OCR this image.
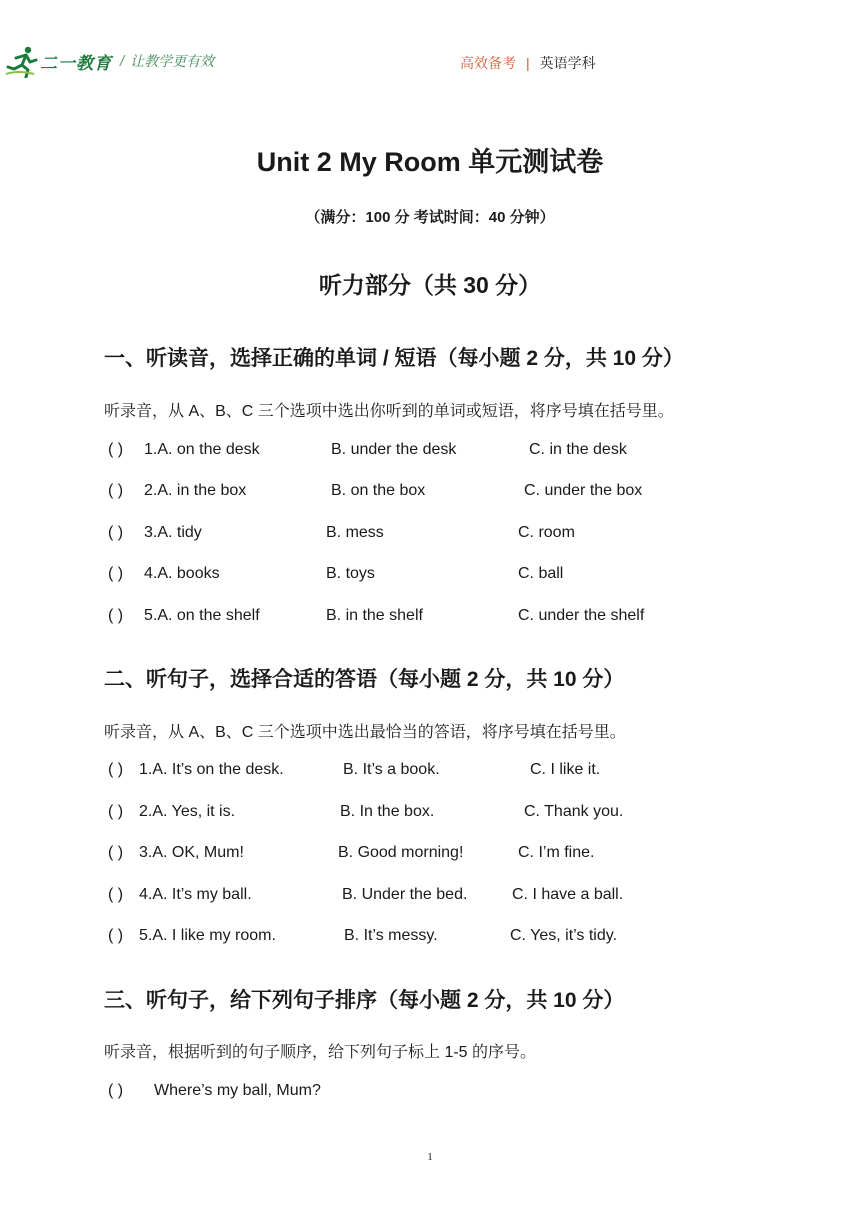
二一教育 / 让教学更有效	高效备考 | 英语学科
Unit 2 My Room 单元测试卷
（满分：100 分 考试时间：40 分钟）
听力部分（共 30 分）
一、听读音，选择正确的单词 / 短语（每小题 2 分，共 10 分）
听录音，从 A、B、C 三个选项中选出你听到的单词或短语，将序号填在括号里。
( ) 1.A. on the desk	B. under the desk	C. in the desk
( ) 2.A. in the box	B. on the box	C. under the box
( ) 3.A. tidy	B. mess	C. room
( ) 4.A. books	B. toys	C. ball
( ) 5.A. on the shelf	B. in the shelf	C. under the shelf
二、听句子，选择合适的答语（每小题 2 分，共 10 分）
听录音，从 A、B、C 三个选项中选出最恰当的答语，将序号填在括号里。
( ) 1.A. It’s on the desk.	B. It’s a book.	C. I like it.
( ) 2.A. Yes, it is.	B. In the box.	C. Thank you.
( ) 3.A. OK, Mum!	B. Good morning!	C. I’m fine.
( ) 4.A. It’s my ball.	B. Under the bed.	C. I have a ball.
( ) 5.A. I like my room.	B. It’s messy.	C. Yes, it’s tidy.
三、听句子，给下列句子排序（每小题 2 分，共 10 分）
听录音，根据听到的句子顺序，给下列句子标上 1-5 的序号。
( ) Where’s my ball, Mum?
1
